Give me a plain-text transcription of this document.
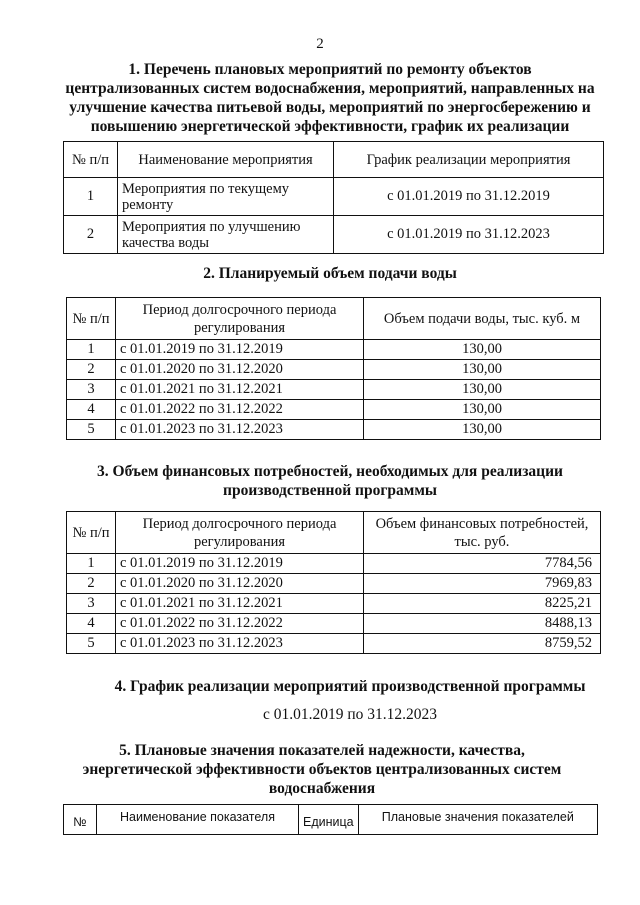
2
1. Перечень плановых мероприятий по ремонту объектов централизованных систем водоснабжения, мероприятий, направленных на улучшение качества питьевой воды, мероприятий по энергосбережению и повышению энергетической эффективности, график их реализации
№ п/п	Наименование мероприятия	График реализации мероприятия
1	Мероприятия по текущему ремонту	с 01.01.2019 по 31.12.2019
2	Мероприятия по улучшению качества воды	с 01.01.2019 по 31.12.2023
2. Планируемый объем подачи воды
№ п/п	Период долгосрочного периода регулирования	Объем подачи воды, тыс. куб. м
1	с 01.01.2019 по 31.12.2019	130,00
2	с 01.01.2020 по 31.12.2020	130,00
3	с 01.01.2021 по 31.12.2021	130,00
4	с 01.01.2022 по 31.12.2022	130,00
5	с 01.01.2023 по 31.12.2023	130,00
3. Объем финансовых потребностей, необходимых для реализации производственной программы
№ п/п	Период долгосрочного периода регулирования	Объем финансовых потребностей, тыс. руб.
1	с 01.01.2019 по 31.12.2019	7784,56
2	с 01.01.2020 по 31.12.2020	7969,83
3	с 01.01.2021 по 31.12.2021	8225,21
4	с 01.01.2022 по 31.12.2022	8488,13
5	с 01.01.2023 по 31.12.2023	8759,52
4. График реализации мероприятий производственной программы
с 01.01.2019 по 31.12.2023
5. Плановые значения показателей надежности, качества, энергетической эффективности объектов централизованных систем водоснабжения
№	Наименование показателя	Единица	Плановые значения показателей
